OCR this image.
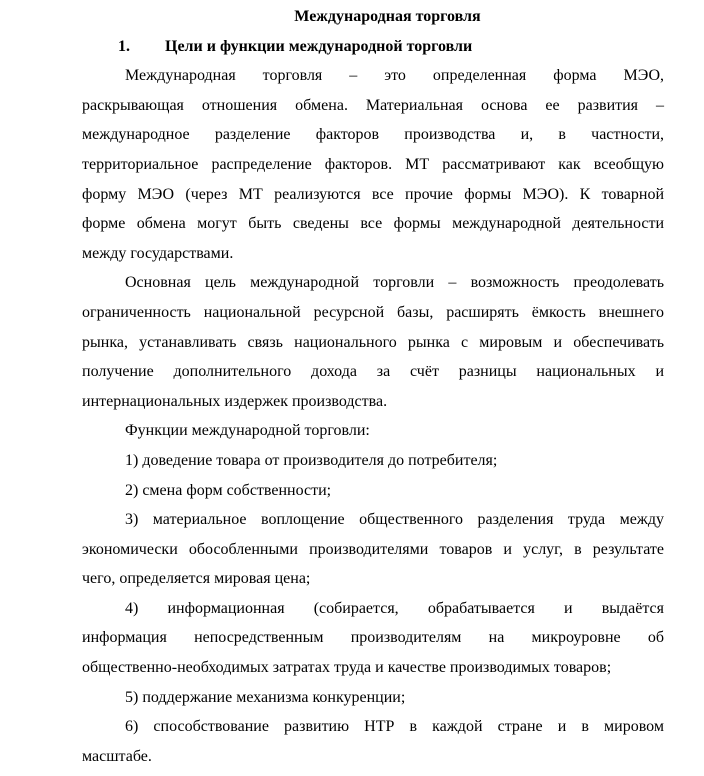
Международная торговля
1. Цели и функции международной торговли
Международная торговля – это определенная форма МЭО,
раскрывающая отношения обмена. Материальная основа ее развития –
международное разделение факторов производства и, в частности,
территориальное распределение факторов. МТ рассматривают как всеобщую
форму МЭО (через МТ реализуются все прочие формы МЭО). К товарной
форме обмена могут быть сведены все формы международной деятельности
между государствами.
Основная цель международной торговли – возможность преодолевать
ограниченность национальной ресурсной базы, расширять ёмкость внешнего
рынка, устанавливать связь национального рынка с мировым и обеспечивать
получение дополнительного дохода за счёт разницы национальных и
интернациональных издержек производства.
Функции международной торговли:
1) доведение товара от производителя до потребителя;
2) смена форм собственности;
3) материальное воплощение общественного разделения труда между
экономически обособленными производителями товаров и услуг, в результате
чего, определяется мировая цена;
4) информационная (собирается, обрабатывается и выдаётся
информация непосредственным производителям на микроуровне об
общественно-необходимых затратах труда и качестве производимых товаров;
5) поддержание механизма конкуренции;
6) способствование развитию НТР в каждой стране и в мировом
масштабе.
